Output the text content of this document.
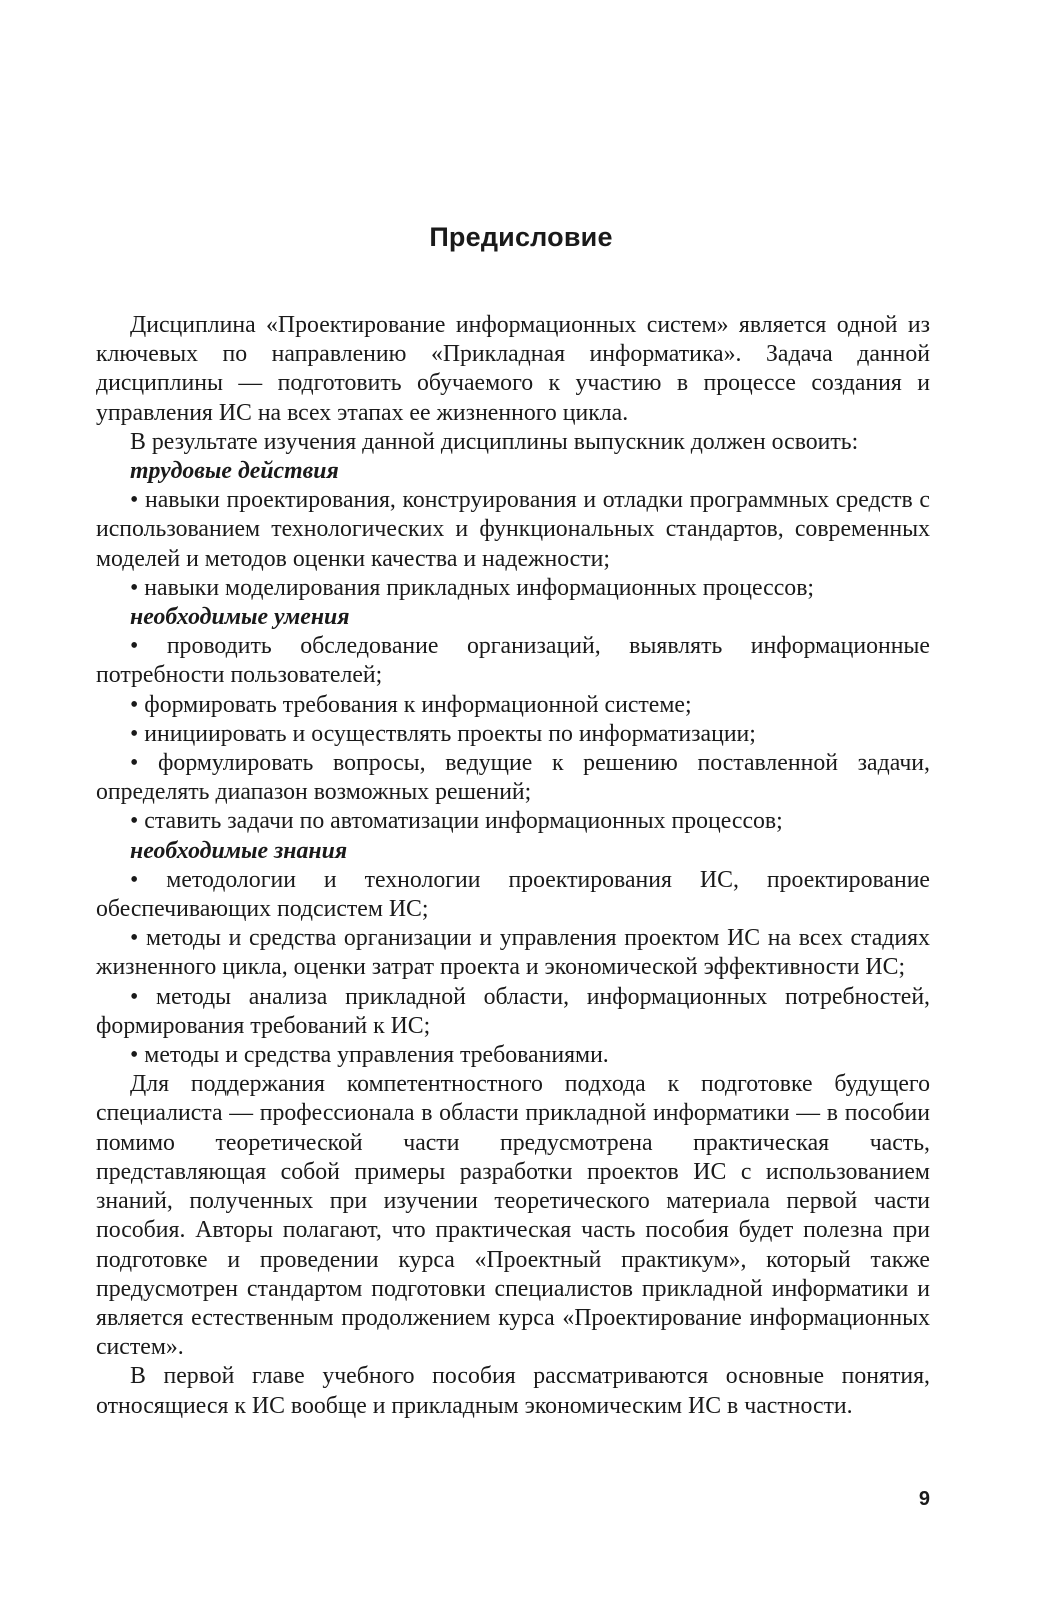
Предисловие

Дисциплина «Проектирование информационных систем» является одной из ключевых по направлению «Прикладная информатика». Задача данной дисциплины — подготовить обучаемого к участию в процессе создания и управления ИС на всех этапах ее жизненного цикла.

В результате изучения данной дисциплины выпускник должен освоить:

трудовые действия

• навыки проектирования, конструирования и отладки программных средств с использованием технологических и функциональных стандартов, современных моделей и методов оценки качества и надежности;

• навыки моделирования прикладных информационных процессов;

необходимые умения

• проводить обследование организаций, выявлять информационные потребности пользователей;

• формировать требования к информационной системе;

• инициировать и осуществлять проекты по информатизации;

• формулировать вопросы, ведущие к решению поставленной задачи, определять диапазон возможных решений;

• ставить задачи по автоматизации информационных процессов;

необходимые знания

• методологии и технологии проектирования ИС, проектирование обеспечивающих подсистем ИС;

• методы и средства организации и управления проектом ИС на всех стадиях жизненного цикла, оценки затрат проекта и экономической эффективности ИС;

• методы анализа прикладной области, информационных потребностей, формирования требований к ИС;

• методы и средства управления требованиями.

Для поддержания компетентностного подхода к подготовке будущего специалиста — профессионала в области прикладной информатики — в пособии помимо теоретической части предусмотрена практическая часть, представляющая собой примеры разработки проектов ИС с использованием знаний, полученных при изучении теоретического материала первой части пособия. Авторы полагают, что практическая часть пособия будет полезна при подготовке и проведении курса «Проектный практикум», который также предусмотрен стандартом подготовки специалистов прикладной информатики и является естественным продолжением курса «Проектирование информационных систем».

В первой главе учебного пособия рассматриваются основные понятия, относящиеся к ИС вообще и прикладным экономическим ИС в частности.

9
